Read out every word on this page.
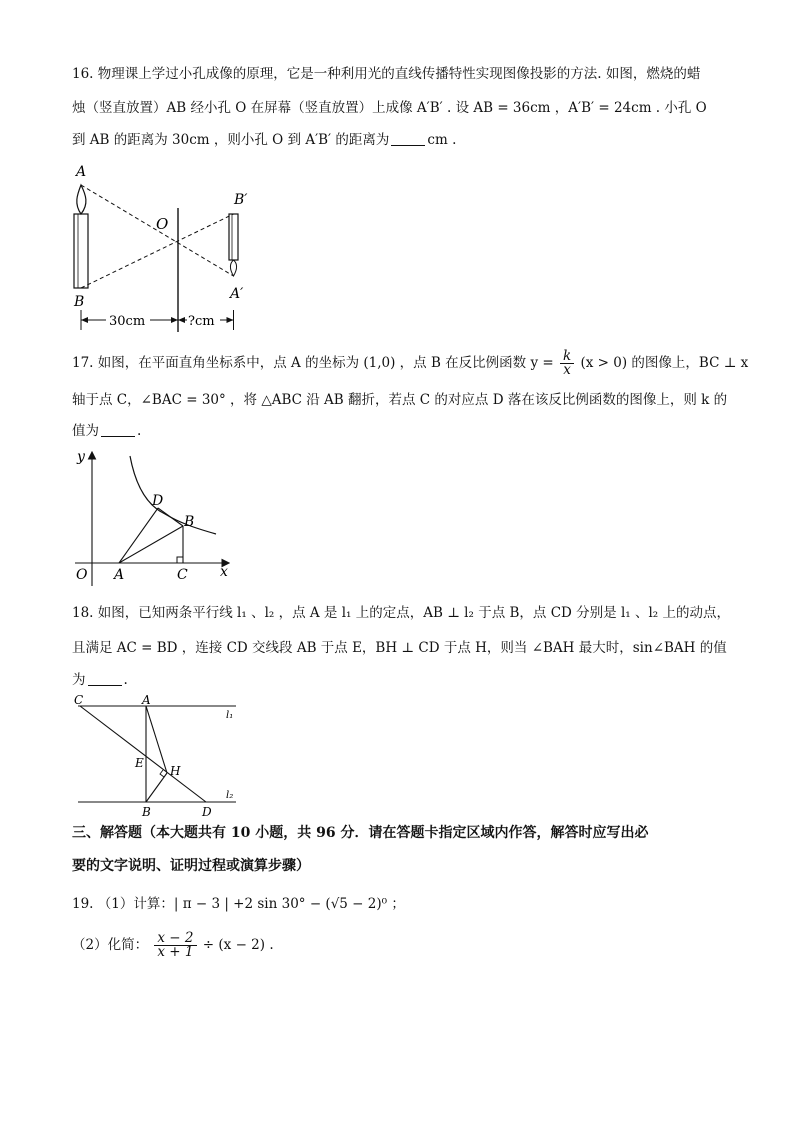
16. 物理课上学过小孔成像的原理，它是一种利用光的直线传播特性实现图像投影的方法. 如图，燃烧的蜡
烛（竖直放置）AB 经小孔 O 在屏幕（竖直放置）上成像 A′B′ . 设 AB = 36cm ，A′B′ = 24cm . 小孔 O
到 AB 的距离为 30cm ，则小孔 O 到 A′B′ 的距离为	cm .
A
B
O
B′
A′
30cm	?cm
17. 如图，在平面直角坐标系中，点 A 的坐标为 (1,0) ，点 B 在反比例函数 $y = \frac{k}{x} (x > 0)$ 的图像上，BC ⊥ x
轴于点 C，∠BAC = 30° ，将 △ABC 沿 AB 翻折，若点 C 的对应点 D 落在该反比例函数的图像上，则 k 的
值为	.
y
x
O A	C
D
B
18. 如图，已知两条平行线 l₁ 、l₂ ，点 A 是 l₁ 上的定点，AB ⊥ l₂ 于点 B，点 CD 分别是 l₁ 、l₂ 上的动点，
且满足 AC = BD ，连接 CD 交线段 AB 于点 E，BH ⊥ CD 于点 H，则当 ∠BAH 最大时，sin∠BAH 的值
为	.
C	A
E
H
B	D
l₁
l₂
三、解答题（本大题共有 10 小题，共 96 分．请在答题卡指定区域内作答，解答时应写出必
要的文字说明、证明过程或演算步骤）
19. （1）计算：| π − 3 | +2 sin 30° − (√5 − 2)⁰ ；
（2）化简： $\frac{x - 2}{x + 1} \div (x - 2)$ .
